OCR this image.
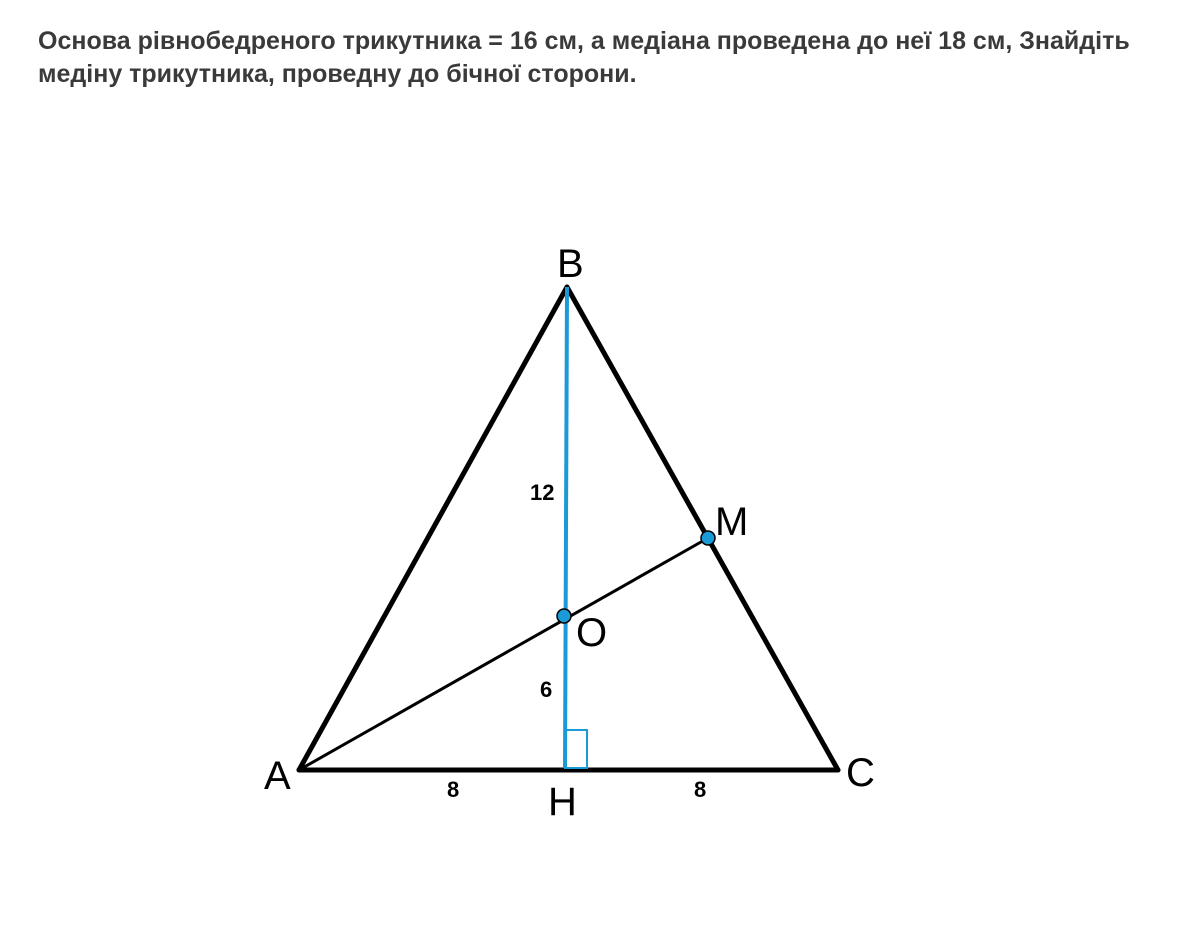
Основа рівнобедреного трикутника = 16 см, а медіана проведена до неї 18 см, Знайдіть медіну трикутника, проведну до бічної сторони.

B
A	C
H
M
O
12
6
8	8
